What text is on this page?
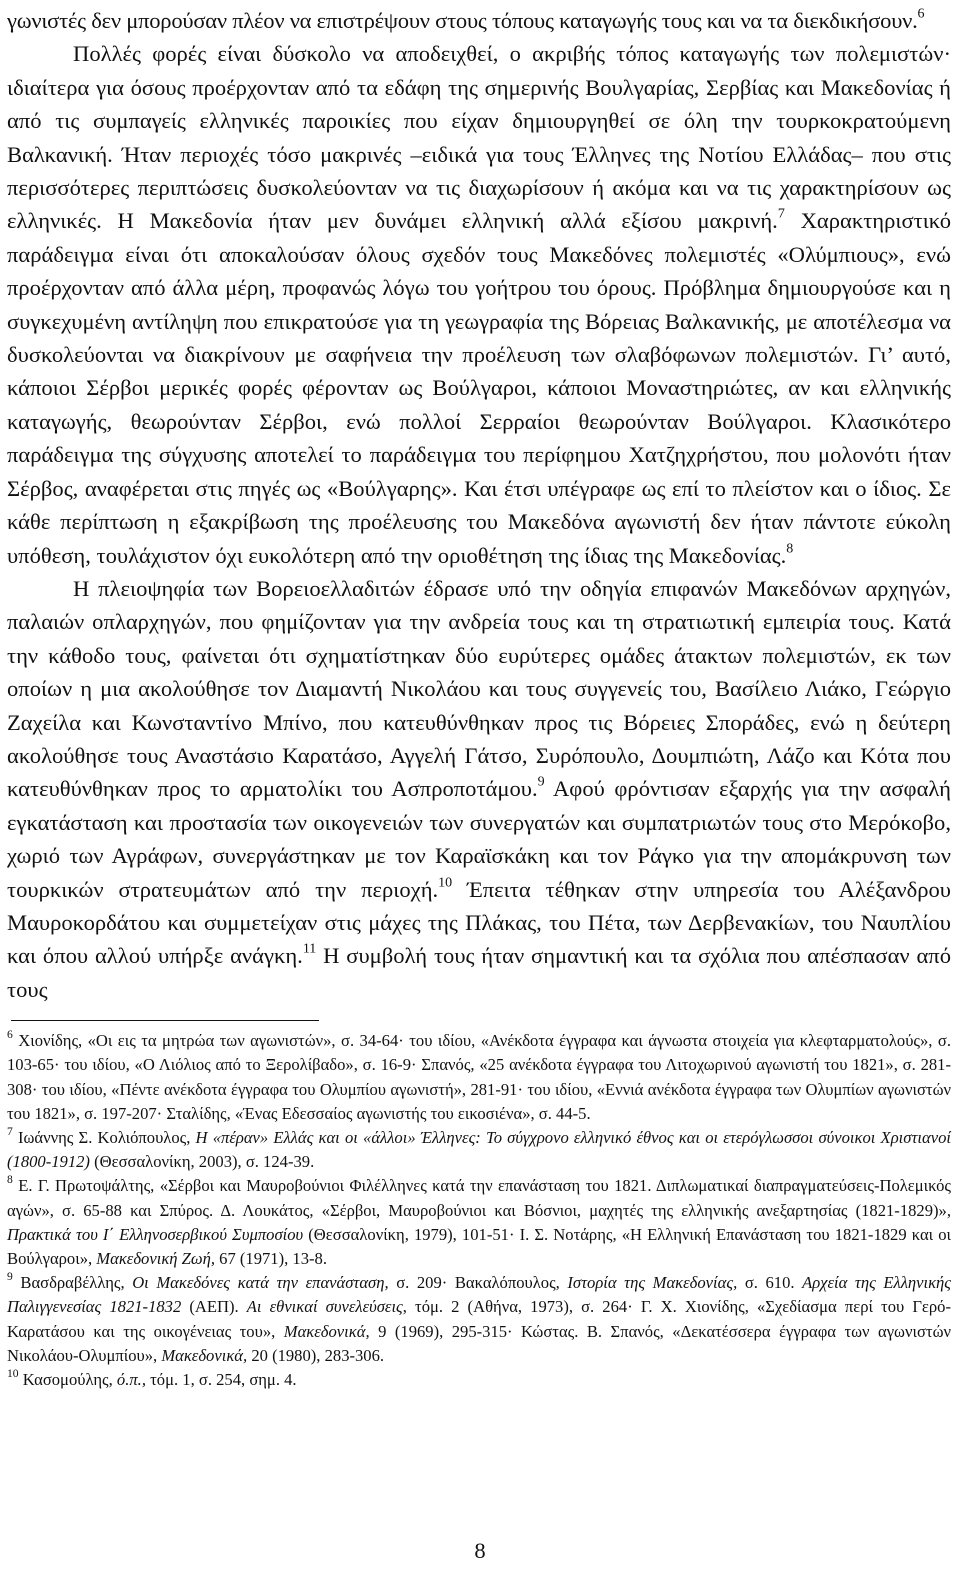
γωνιστές δεν μπορούσαν πλέον να επιστρέψουν στους τόπους καταγωγής τους και να τα διεκδικήσουν.$^6$

Πολλές φορές είναι δύσκολο να αποδειχθεί, ο ακριβής τόπος καταγωγής των πολεμιστών· ιδιαίτερα για όσους προέρχονταν από τα εδάφη της σημερινής Βουλγαρίας, Σερβίας και Μακεδονίας ή από τις συμπαγείς ελληνικές παροικίες που είχαν δημιουργηθεί σε όλη την τουρκοκρατούμενη Βαλκανική. Ήταν περιοχές τόσο μακρινές –ειδικά για τους Έλληνες της Νοτίου Ελλάδας– που στις περισσότερες περιπτώσεις δυσκολεύονταν να τις διαχωρίσουν ή ακόμα και να τις χαρακτηρίσουν ως ελληνικές. Η Μακεδονία ήταν μεν δυνάμει ελληνική αλλά εξίσου μακρινή.$^7$ Χαρακτηριστικό παράδειγμα είναι ότι αποκαλούσαν όλους σχεδόν τους Μακεδόνες πολεμιστές «Ολύμπιους», ενώ προέρχονταν από άλλα μέρη, προφανώς λόγω του γοήτρου του όρους. Πρόβλημα δημιουργούσε και η συγκεχυμένη αντίληψη που επικρατούσε για τη γεωγραφία της Βόρειας Βαλκανικής, με αποτέλεσμα να δυσκολεύονται να διακρίνουν με σαφήνεια την προέλευση των σλαβόφωνων πολεμιστών. Γι’ αυτό, κάποιοι Σέρβοι μερικές φορές φέρονταν ως Βούλγαροι, κάποιοι Μοναστηριώτες, αν και ελληνικής καταγωγής, θεωρούνταν Σέρβοι, ενώ πολλοί Σερραίοι θεωρούνταν Βούλγαροι. Κλασικότερο παράδειγμα της σύγχυσης αποτελεί το παράδειγμα του περίφημου Χατζηχρήστου, που μολονότι ήταν Σέρβος, αναφέρεται στις πηγές ως «Βούλγαρης». Και έτσι υπέγραφε ως επί το πλείστον και ο ίδιος. Σε κάθε περίπτωση η εξακρίβωση της προέλευσης του Μακεδόνα αγωνιστή δεν ήταν πάντοτε εύκολη υπόθεση, τουλάχιστον όχι ευκολότερη από την οριοθέτηση της ίδιας της Μακεδονίας.$^8$

Η πλειοψηφία των Βορειοελλαδιτών έδρασε υπό την οδηγία επιφανών Μακεδόνων αρχηγών, παλαιών οπλαρχηγών, που φημίζονταν για την ανδρεία τους και τη στρατιωτική εμπειρία τους. Κατά την κάθοδο τους, φαίνεται ότι σχηματίστηκαν δύο ευρύτερες ομάδες άτακτων πολεμιστών, εκ των οποίων η μια ακολούθησε τον Διαμαντή Νικολάου και τους συγγενείς του, Βασίλειο Λιάκο, Γεώργιο Ζαχείλα και Κωνσταντίνο Μπίνο, που κατευθύνθηκαν προς τις Βόρειες Σποράδες, ενώ η δεύτερη ακολούθησε τους Αναστάσιο Καρατάσο, Αγγελή Γάτσο, Συρόπουλο, Δουμπιώτη, Λάζο και Κότα που κατευθύνθηκαν προς το αρματολίκι του Ασπροποτάμου.$^9$ Αφού φρόντισαν εξαρχής για την ασφαλή εγκατάσταση και προστασία των οικογενειών των συνεργατών και συμπατριωτών τους στο Μερόκοβο, χωριό των Αγράφων, συνεργάστηκαν με τον Καραϊσκάκη και τον Ράγκο για την απομάκρυνση των τουρκικών στρατευμάτων από την περιοχή.$^{10}$ Έπειτα τέθηκαν στην υπηρεσία του Αλέξανδρου Μαυροκορδάτου και συμμετείχαν στις μάχες της Πλάκας, του Πέτα, των Δερβενακίων, του Ναυπλίου και όπου αλλού υπήρξε ανάγκη.$^{11}$ Η συμβολή τους ήταν σημαντική και τα σχόλια που απέσπασαν από τους

$^6$ Χιονίδης, «Οι εις τα μητρώα των αγωνιστών», σ. 34-64· του ιδίου, «Ανέκδοτα έγγραφα και άγνωστα στοιχεία για κλεφταρματολούς», σ. 103-65· του ιδίου, «Ο Λιόλιος από το Ξερολίβαδο», σ. 16-9· Σπανός, «25 ανέκδοτα έγγραφα του Λιτοχωρινού αγωνιστή του 1821», σ. 281-308· του ιδίου, «Πέντε ανέκδοτα έγγραφα του Ολυμπίου αγωνιστή», 281-91· του ιδίου, «Εννιά ανέκδοτα έγγραφα των Ολυμπίων αγωνιστών του 1821», σ. 197-207· Σταλίδης, «Ένας Εδεσσαίος αγωνιστής του εικοσιένα», σ. 44-5.

$^7$ Ιωάννης Σ. Κολιόπουλος, Η «πέραν» Ελλάς και οι «άλλοι» Έλληνες: Το σύγχρονο ελληνικό έθνος και οι ετερόγλωσσοι σύνοικοι Χριστιανοί (1800-1912) (Θεσσαλονίκη, 2003), σ. 124-39.

$^8$ Ε. Γ. Πρωτοψάλτης, «Σέρβοι και Μαυροβούνιοι Φιλέλληνες κατά την επανάσταση του 1821. Διπλωματικαί διαπραγματεύσεις-Πολεμικός αγών», σ. 65-88 και Σπύρος. Δ. Λουκάτος, «Σέρβοι, Μαυροβούνιοι και Βόσνιοι, μαχητές της ελληνικής ανεξαρτησίας (1821-1829)», Πρακτικά του Ι΄ Ελληνοσερβικού Συμποσίου (Θεσσαλονίκη, 1979), 101-51· Ι. Σ. Νοτάρης, «Η Ελληνική Επανάσταση του 1821-1829 και οι Βούλγαροι», Μακεδονική Ζωή, 67 (1971), 13-8.

$^9$ Βασδραβέλλης, Οι Μακεδόνες κατά την επανάσταση, σ. 209· Βακαλόπουλος, Ιστορία της Μακεδονίας, σ. 610. Αρχεία της Ελληνικής Παλιγγενεσίας 1821-1832 (ΑΕΠ). Αι εθνικαί συνελεύσεις, τόμ. 2 (Αθήνα, 1973), σ. 264· Γ. Χ. Χιονίδης, «Σχεδίασμα περί του Γερό-Καρατάσου και της οικογένειας του», Μακεδονικά, 9 (1969), 295-315· Κώστας. Β. Σπανός, «Δεκατέσσερα έγγραφα των αγωνιστών Νικολάου-Ολυμπίου», Μακεδονικά, 20 (1980), 283-306.

$^{10}$ Κασομούλης, ό.π., τόμ. 1, σ. 254, σημ. 4.

8
